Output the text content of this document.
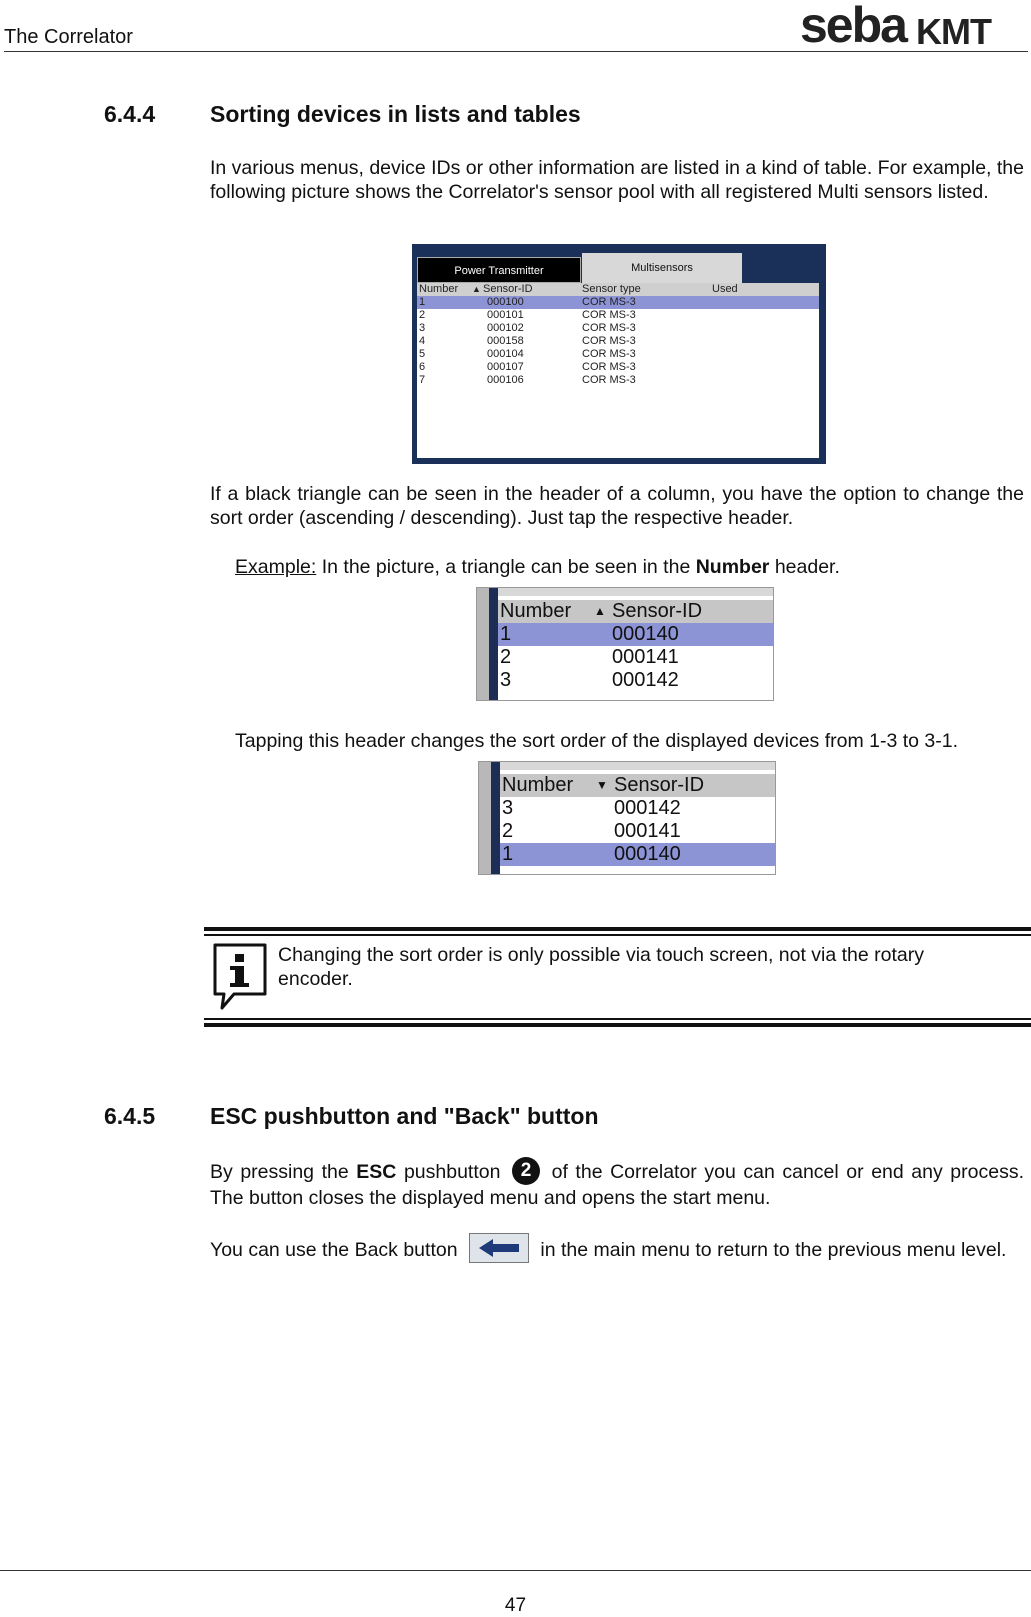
The Correlator	seba KMT
6.4.4 Sorting devices in lists and tables

In various menus, device IDs or other information are listed in a kind of table. For example, the following picture shows the Correlator's sensor pool with all registered Multi sensors listed.

Power Transmitter	Multisensors
Number ▲ Sensor-ID	Sensor type	Used
1	000100	COR MS-3
2	000101	COR MS-3
3	000102	COR MS-3
4	000158	COR MS-3
5	000104	COR MS-3
6	000107	COR MS-3
7	000106	COR MS-3

If a black triangle can be seen in the header of a column, you have the option to change the sort order (ascending / descending). Just tap the respective header.

Example: In the picture, a triangle can be seen in the Number header.

Number ▲ Sensor-ID
1	000140
2	000141
3	000142

Tapping this header changes the sort order of the displayed devices from 1-3 to 3-1.

Number ▼ Sensor-ID
3	000142
2	000141
1	000140

Changing the sort order is only possible via touch screen, not via the rotary encoder.

6.4.5 ESC pushbutton and "Back" button

By pressing the ESC pushbutton 2 of the Correlator you can cancel or end any process. The button closes the displayed menu and opens the start menu.

You can use the Back button	in the main menu to return to the previous menu level.

47
